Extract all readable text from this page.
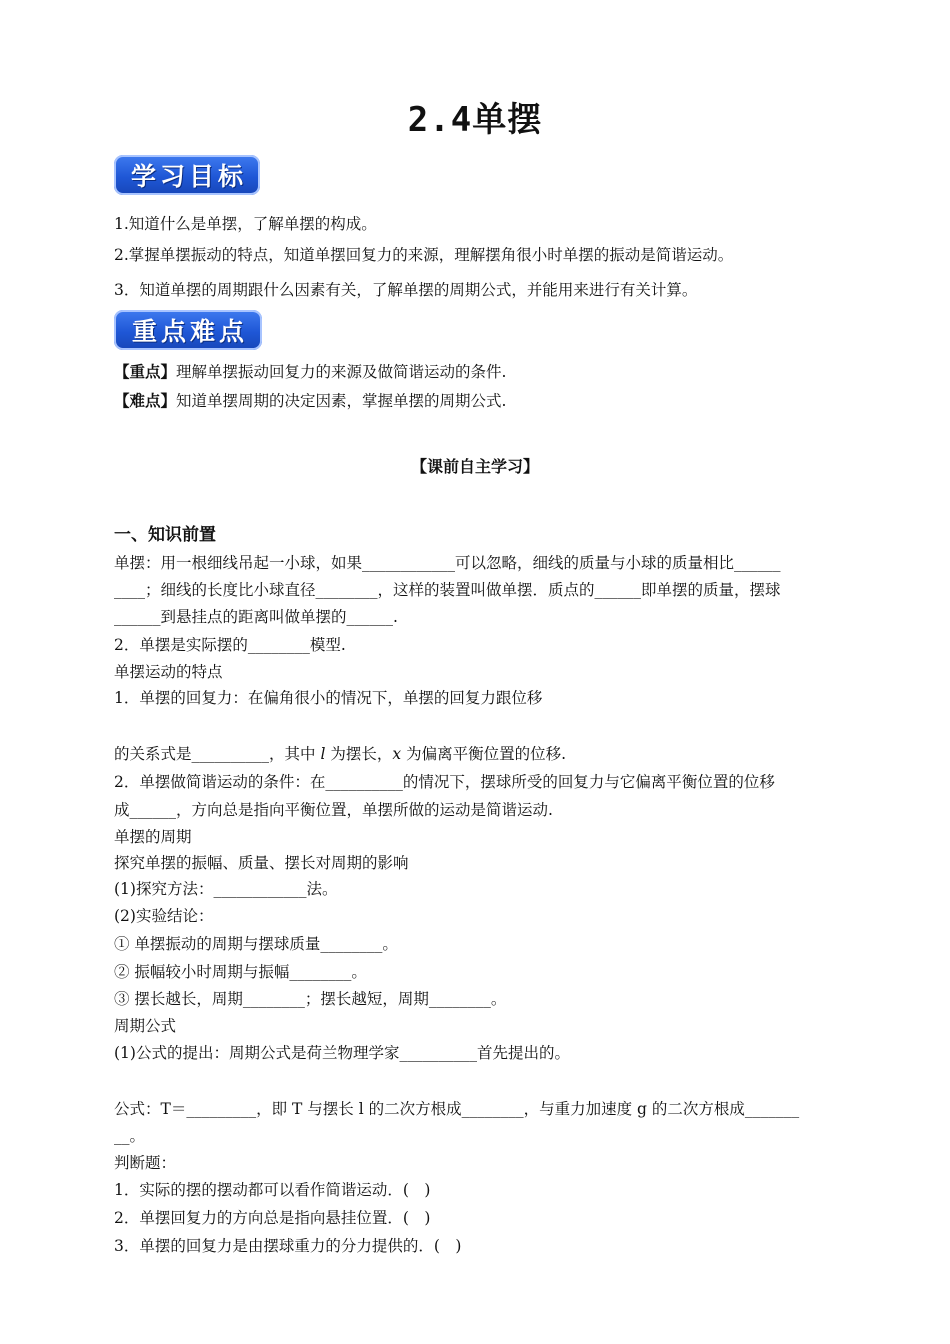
2.4单摆
学习目标
1.知道什么是单摆，了解单摆的构成。
2.掌握单摆振动的特点，知道单摆回复力的来源，理解摆角很小时单摆的振动是简谐运动。
3．知道单摆的周期跟什么因素有关，了解单摆的周期公式，并能用来进行有关计算。
重点难点
【重点】理解单摆振动回复力的来源及做简谐运动的条件.
【难点】知道单摆周期的决定因素，掌握单摆的周期公式.
【课前自主学习】
一、知识前置
单摆：用一根细线吊起一小球，如果____________可以忽略，细线的质量与小球的质量相比______
____；细线的长度比小球直径________，这样的装置叫做单摆．质点的______即单摆的质量，摆球
______到悬挂点的距离叫做单摆的______.
2．单摆是实际摆的________模型.
单摆运动的特点
1．单摆的回复力：在偏角很小的情况下，单摆的回复力跟位移
的关系式是__________，其中 l 为摆长，x 为偏离平衡位置的位移.
2．单摆做简谐运动的条件：在__________的情况下，摆球所受的回复力与它偏离平衡位置的位移
成______，方向总是指向平衡位置，单摆所做的运动是简谐运动.
单摆的周期
探究单摆的振幅、质量、摆长对周期的影响
(1)探究方法：____________法。
(2)实验结论：
① 单摆振动的周期与摆球质量________。
② 振幅较小时周期与振幅________。
③ 摆长越长，周期________；摆长越短，周期________。
周期公式
(1)公式的提出：周期公式是荷兰物理学家__________首先提出的。
公式：T＝_________，即 T 与摆长 l 的二次方根成________，与重力加速度 g 的二次方根成_______
__。
判断题：
1．实际的摆的摆动都可以看作简谐运动．(　)
2．单摆回复力的方向总是指向悬挂位置．(　)
3．单摆的回复力是由摆球重力的分力提供的．(　)
